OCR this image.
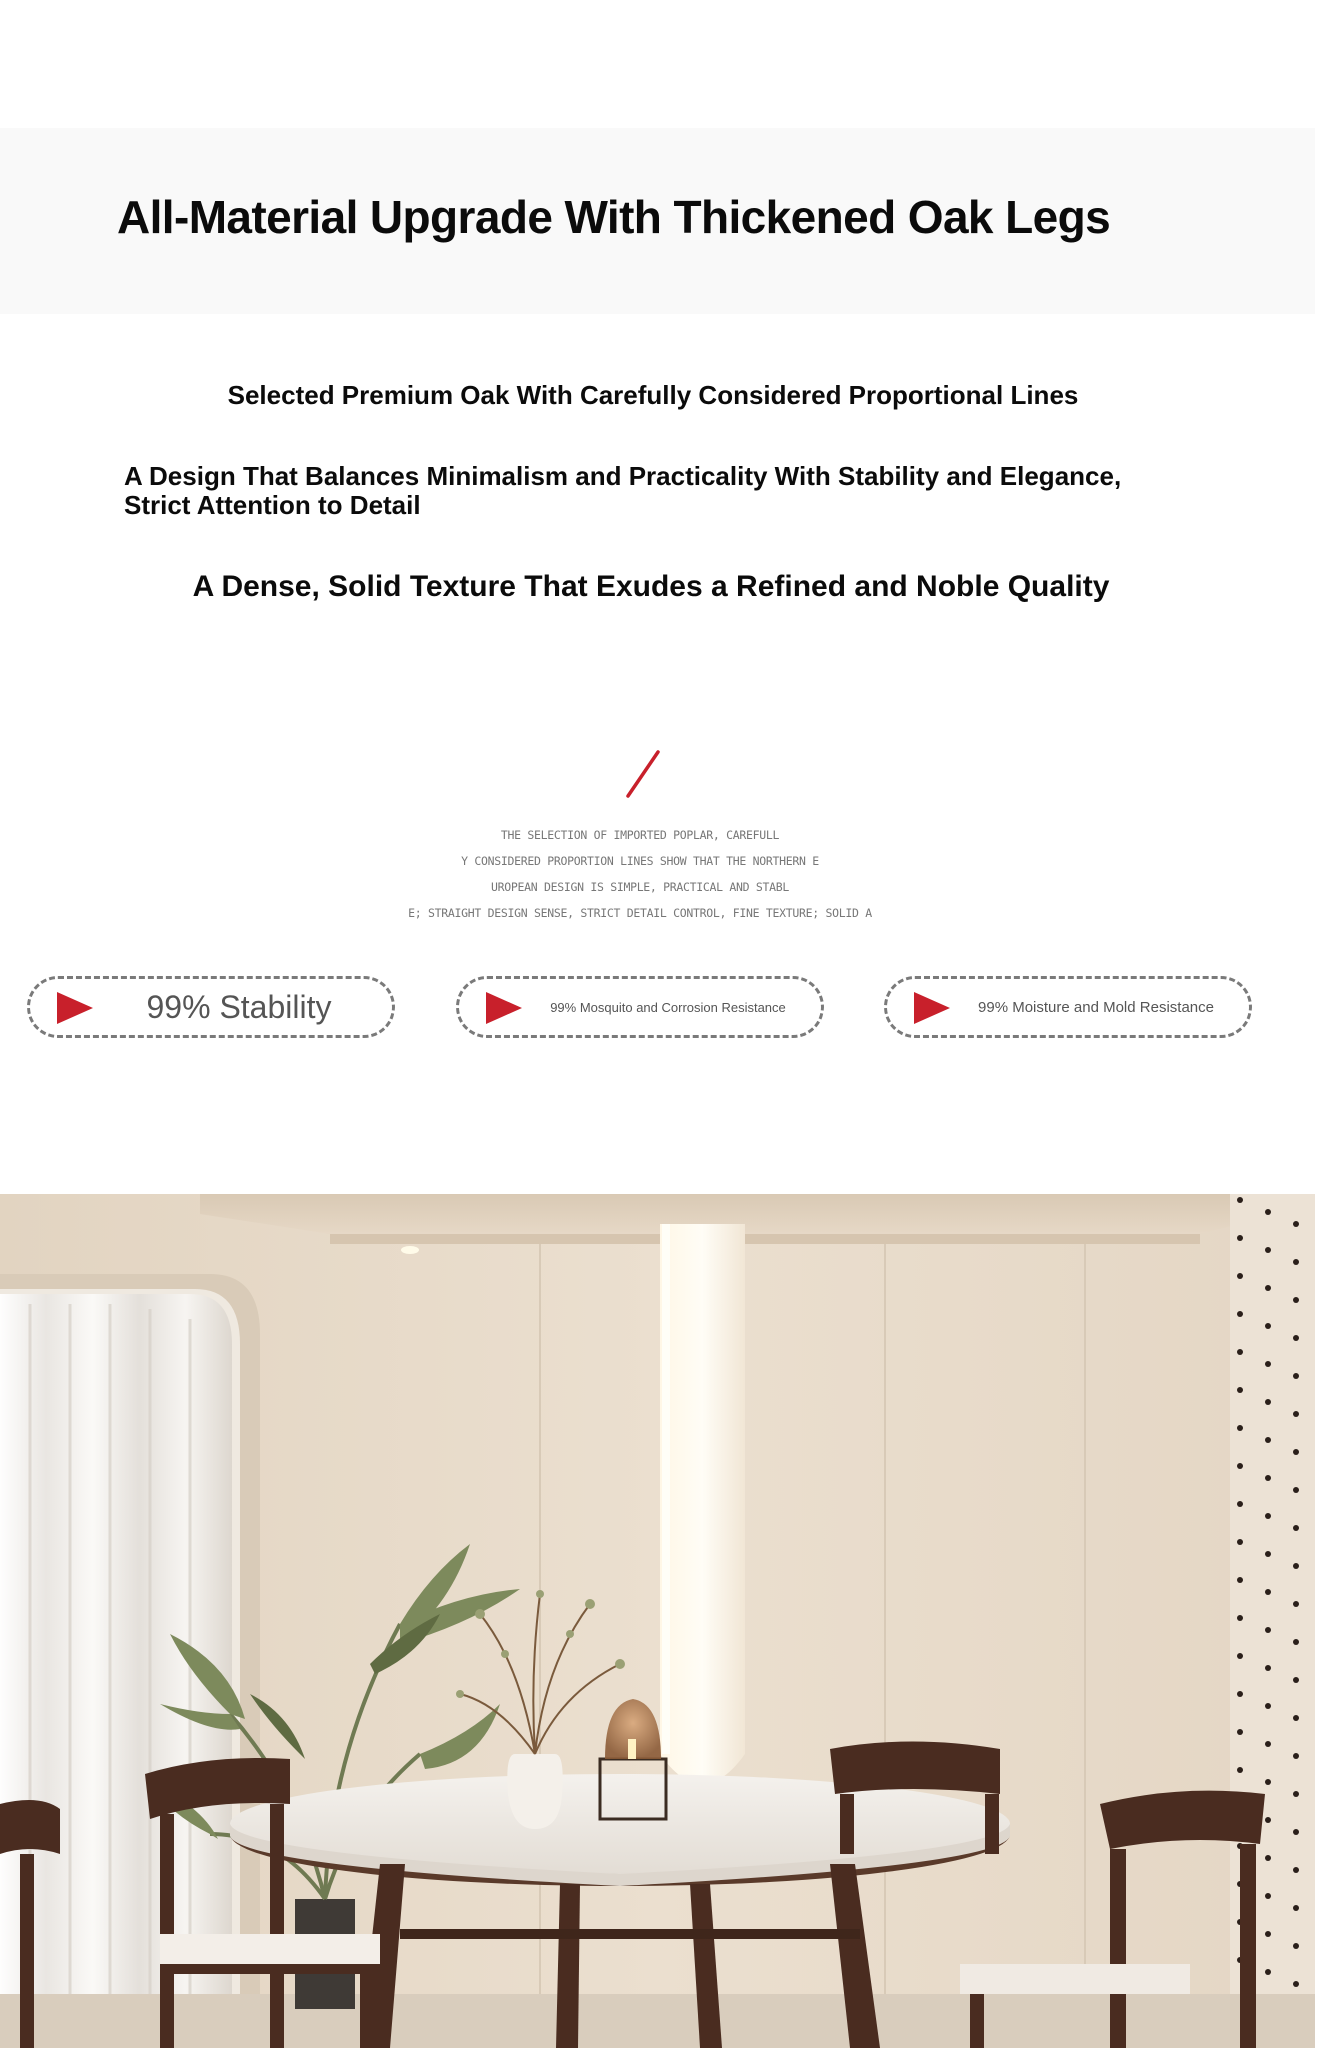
All-Material Upgrade With Thickened Oak Legs
Selected Premium Oak With Carefully Considered Proportional Lines
A Design That Balances Minimalism and Practicality With Stability and Elegance, Strict Attention to Detail
A Dense, Solid Texture That Exudes a Refined and Noble Quality
THE SELECTION OF IMPORTED POPLAR, CAREFULL
Y CONSIDERED PROPORTION LINES SHOW THAT THE NORTHERN E
UROPEAN DESIGN IS SIMPLE, PRACTICAL AND STABL
E; STRAIGHT DESIGN SENSE, STRICT DETAIL CONTROL, FINE TEXTURE; SOLID A
99% Stability	99% Mosquito and Corrosion Resistance	99% Moisture and Mold Resistance
